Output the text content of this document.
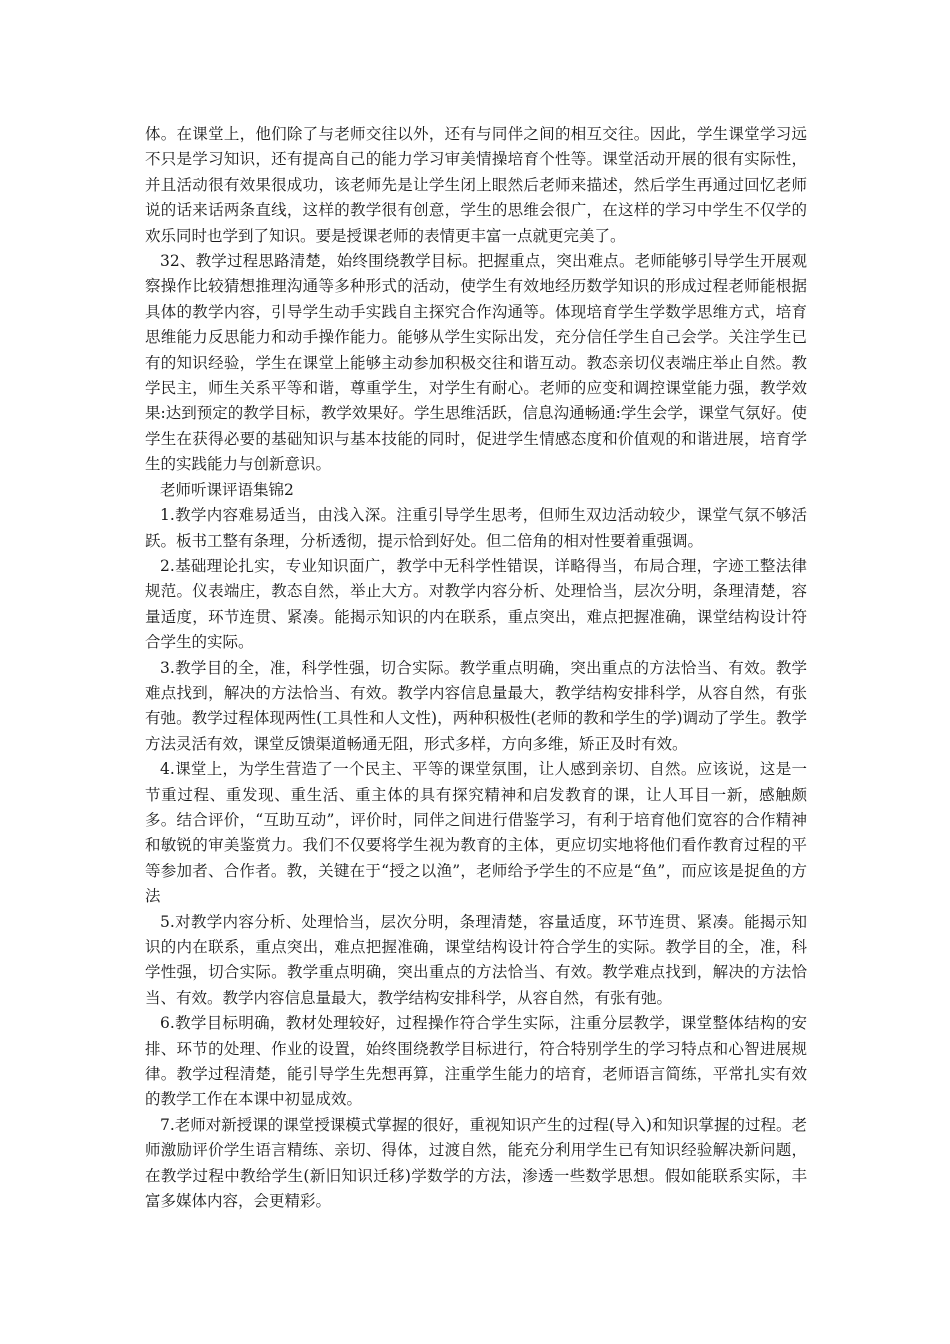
体。在课堂上，他们除了与老师交往以外，还有与同伴之间的相互交往。因此，学生课堂学习远不只是学习知识，还有提高自己的能力学习审美情操培育个性等。课堂活动开展的很有实际性，并且活动很有效果很成功，该老师先是让学生闭上眼然后老师来描述，然后学生再通过回忆老师说的话来话两条直线，这样的教学很有创意，学生的思维会很广，在这样的学习中学生不仅学的欢乐同时也学到了知识。要是授课老师的表情更丰富一点就更完美了。

32、教学过程思路清楚，始终围绕教学目标。把握重点，突出难点。老师能够引导学生开展观察操作比较猜想推理沟通等多种形式的活动，使学生有效地经历数学知识的形成过程老师能根据具体的教学内容，引导学生动手实践自主探究合作沟通等。体现培育学生学数学思维方式，培育思维能力反思能力和动手操作能力。能够从学生实际出发，充分信任学生自己会学。关注学生已有的知识经验，学生在课堂上能够主动参加积极交往和谐互动。教态亲切仪表端庄举止自然。教学民主，师生关系平等和谐，尊重学生，对学生有耐心。老师的应变和调控课堂能力强，教学效果:达到预定的教学目标，教学效果好。学生思维活跃，信息沟通畅通:学生会学，课堂气氛好。使学生在获得必要的基础知识与基本技能的同时，促进学生情感态度和价值观的和谐进展，培育学生的实践能力与创新意识。

老师听课评语集锦2

1.教学内容难易适当，由浅入深。注重引导学生思考，但师生双边活动较少，课堂气氛不够活跃。板书工整有条理，分析透彻，提示恰到好处。但二倍角的相对性要着重强调。

2.基础理论扎实，专业知识面广，教学中无科学性错误，详略得当，布局合理，字迹工整法律规范。仪表端庄，教态自然，举止大方。对教学内容分析、处理恰当，层次分明，条理清楚，容量适度，环节连贯、紧凑。能揭示知识的内在联系，重点突出，难点把握准确，课堂结构设计符合学生的实际。

3.教学目的全，准，科学性强，切合实际。教学重点明确，突出重点的方法恰当、有效。教学难点找到，解决的方法恰当、有效。教学内容信息量最大，教学结构安排科学，从容自然，有张有弛。教学过程体现两性(工具性和人文性)，两种积极性(老师的教和学生的学)调动了学生。教学方法灵活有效，课堂反馈渠道畅通无阻，形式多样，方向多维，矫正及时有效。

4.课堂上，为学生营造了一个民主、平等的课堂氛围，让人感到亲切、自然。应该说，这是一节重过程、重发现、重生活、重主体的具有探究精神和启发教育的课，让人耳目一新，感触颇多。结合评价，“互助互动”，评价时，同伴之间进行借鉴学习，有利于培育他们宽容的合作精神和敏锐的审美鉴赏力。我们不仅要将学生视为教育的主体，更应切实地将他们看作教育过程的平等参加者、合作者。教，关键在于“授之以渔”，老师给予学生的不应是“鱼”，而应该是捉鱼的方法

5.对教学内容分析、处理恰当，层次分明，条理清楚，容量适度，环节连贯、紧凑。能揭示知识的内在联系，重点突出，难点把握准确，课堂结构设计符合学生的实际。教学目的全，准，科学性强，切合实际。教学重点明确，突出重点的方法恰当、有效。教学难点找到，解决的方法恰当、有效。教学内容信息量最大，教学结构安排科学，从容自然，有张有弛。

6.教学目标明确，教材处理较好，过程操作符合学生实际，注重分层教学，课堂整体结构的安排、环节的处理、作业的设置，始终围绕教学目标进行，符合特别学生的学习特点和心智进展规律。教学过程清楚，能引导学生先想再算，注重学生能力的培育，老师语言简练，平常扎实有效的教学工作在本课中初显成效。

7.老师对新授课的课堂授课模式掌握的很好，重视知识产生的过程(导入)和知识掌握的过程。老师激励评价学生语言精练、亲切、得体，过渡自然，能充分利用学生已有知识经验解决新问题，在教学过程中教给学生(新旧知识迁移)学数学的方法，渗透一些数学思想。假如能联系实际，丰富多媒体内容，会更精彩。
